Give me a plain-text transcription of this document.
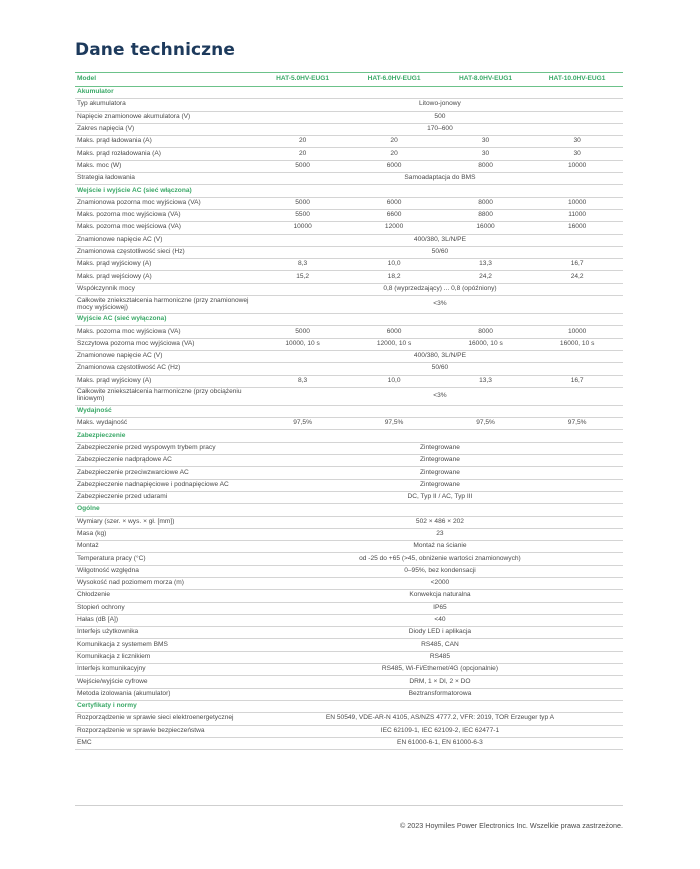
Dane techniczne
Model	HAT-5.0HV-EUG1	HAT-6.0HV-EUG1	HAT-8.0HV-EUG1	HAT-10.0HV-EUG1
Akumulator				
Typ akumulatora	Litowo-jonowy			
Napięcie znamionowe akumulatora (V)	500			
Zakres napięcia (V)	170–600			
Maks. prąd ładowania (A)	20	20	30	30
Maks. prąd rozładowania (A)	20	20	30	30
Maks. moc (W)	5000	6000	8000	10000
Strategia ładowania	Samoadaptacja do BMS			
Wejście i wyjście AC (sieć włączona)				
Znamionowa pozorna moc wyjściowa (VA)	5000	6000	8000	10000
Maks. pozorna moc wyjściowa (VA)	5500	6600	8800	11000
Maks. pozorna moc wejściowa (VA)	10000	12000	16000	16000
Znamionowe napięcie AC (V)	400/380, 3L/N/PE			
Znamionowa częstotliwość sieci (Hz)	50/60			
Maks. prąd wyjściowy (A)	8,3	10,0	13,3	16,7
Maks. prąd wejściowy (A)	15,2	18,2	24,2	24,2
Współczynnik mocy	0,8 (wyprzedzający) ... 0,8 (opóźniony)			
Całkowite zniekształcenia harmoniczne (przy znamionowej mocy wyjściowej)	<3%			
Wyjście AC (sieć wyłączona)				
Maks. pozorna moc wyjściowa (VA)	5000	6000	8000	10000
Szczytowa pozorna moc wyjściowa (VA)	10000, 10 s	12000, 10 s	16000, 10 s	16000, 10 s
Znamionowe napięcie AC (V)	400/380, 3L/N/PE			
Znamionowa częstotliwość AC (Hz)	50/60			
Maks. prąd wyjściowy (A)	8,3	10,0	13,3	16,7
Całkowite zniekształcenia harmoniczne (przy obciążeniu liniowym)	<3%			
Wydajność				
Maks. wydajność	97,5%	97,5%	97,5%	97,5%
Zabezpieczenie				
Zabezpieczenie przed wyspowym trybem pracy	Zintegrowane			
Zabezpieczenie nadprądowe AC	Zintegrowane			
Zabezpieczenie przeciwzwarciowe AC	Zintegrowane			
Zabezpieczenie nadnapięciowe i podnapięciowe AC	Zintegrowane			
Zabezpieczenie przed udarami	DC, Typ II / AC, Typ III			
Ogólne				
Wymiary (szer. × wys. × gł. [mm])	502 × 486 × 202			
Masa (kg)	23			
Montaż	Montaż na ścianie			
Temperatura pracy (°C)	od -25 do +65 (>45, obniżenie wartości znamionowych)			
Wilgotność względna	0–95%, bez kondensacji			
Wysokość nad poziomem morza (m)	<2000			
Chłodzenie	Konwekcja naturalna			
Stopień ochrony	IP65			
Hałas (dB [A])	<40			
Interfejs użytkownika	Diody LED i aplikacja			
Komunikacja z systemem BMS	RS485, CAN			
Komunikacja z licznikiem	RS485			
Interfejs komunikacyjny	RS485, Wi-Fi/Ethernet/4G (opcjonalnie)			
Wejście/wyjście cyfrowe	DRM, 1 × DI, 2 × DO			
Metoda izolowania (akumulator)	Beztransformatorowa			
Certyfikaty i normy				
Rozporządzenie w sprawie sieci elektroenergetycznej	EN 50549, VDE-AR-N 4105, AS/NZS 4777.2, VFR: 2019, TOR Erzeuger typ A			
Rozporządzenie w sprawie bezpieczeństwa	IEC 62109-1, IEC 62109-2, IEC 62477-1			
EMC	EN 61000-6-1, EN 61000-6-3			
© 2023 Hoymiles Power Electronics Inc. Wszelkie prawa zastrzeżone.
